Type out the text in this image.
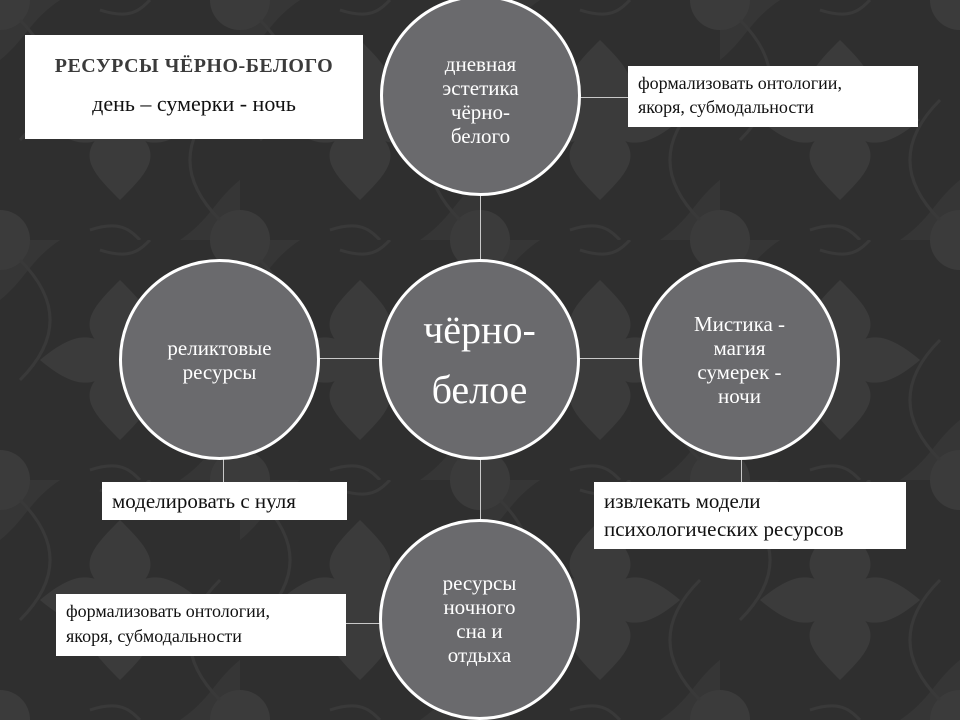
РЕСУРСЫ ЧЁРНО-БЕЛОГО
день – сумерки - ночь
дневная
эстетика
чёрно-
белого
реликтовые
ресурсы
чёрно-
белое
Мистика -
магия
сумерек -
ночи
ресурсы
ночного
сна и
отдыха
формализовать онтологии,
якоря, субмодальности
моделировать с нуля	извлекать модели
психологических ресурсов
формализовать онтологии,
якоря, субмодальности
